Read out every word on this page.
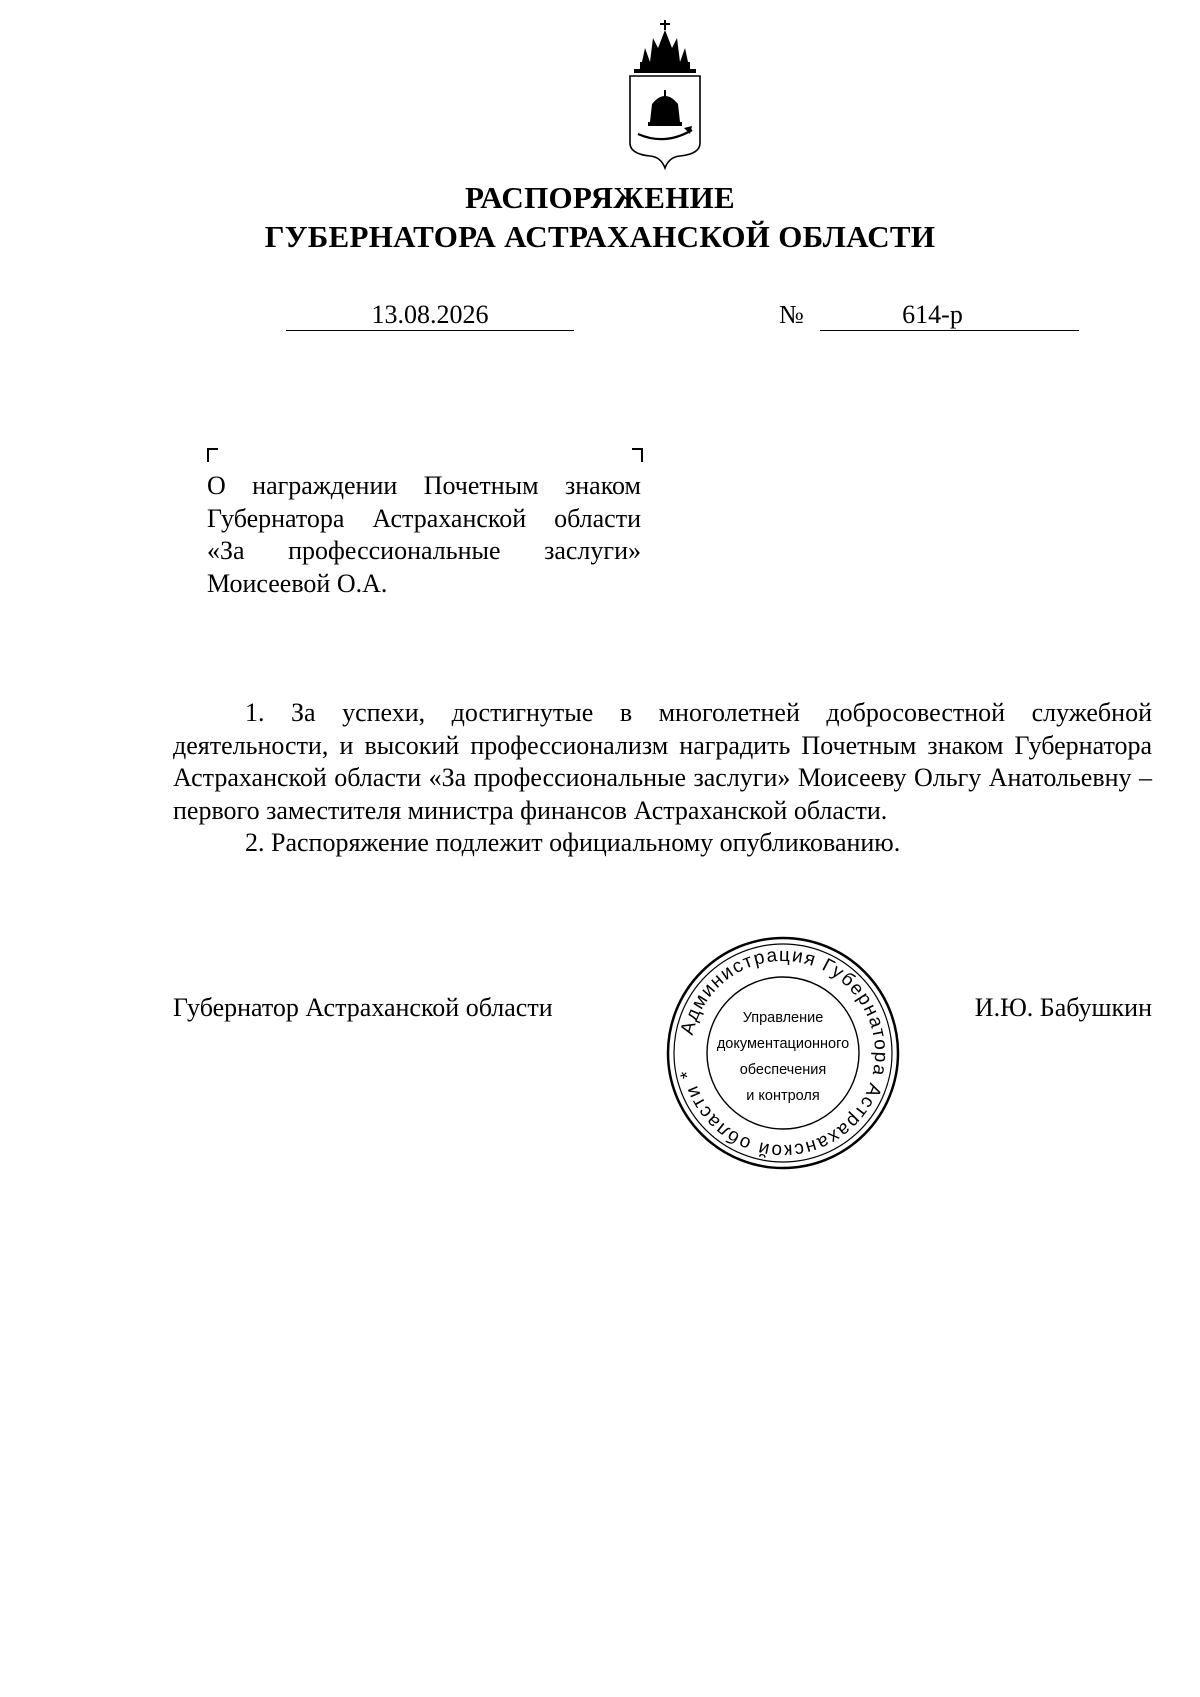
РАСПОРЯЖЕНИЕ
ГУБЕРНАТОРА АСТРАХАНСКОЙ ОБЛАСТИ
13.08.2026	№	614-р
О награждении Почетным знаком
Губернатора Астраханской области
«За профессиональные заслуги»
Моисеевой О.А.

1. За успехи, достигнутые в многолетней добросовестной служебной деятельности, и высокий профессионализм наградить Почетным знаком Губернатора Астраханской области «За профессиональные заслуги» Моисееву Ольгу Анатольевну – первого заместителя министра финансов Астраханской области.

2. Распоряжение подлежит официальному опубликованию.

Губернатор Астраханской области	И.Ю. Бабушкин
Администрация Губернатора Астраханской области *
Управление
документационного
обеспечения
и контроля
